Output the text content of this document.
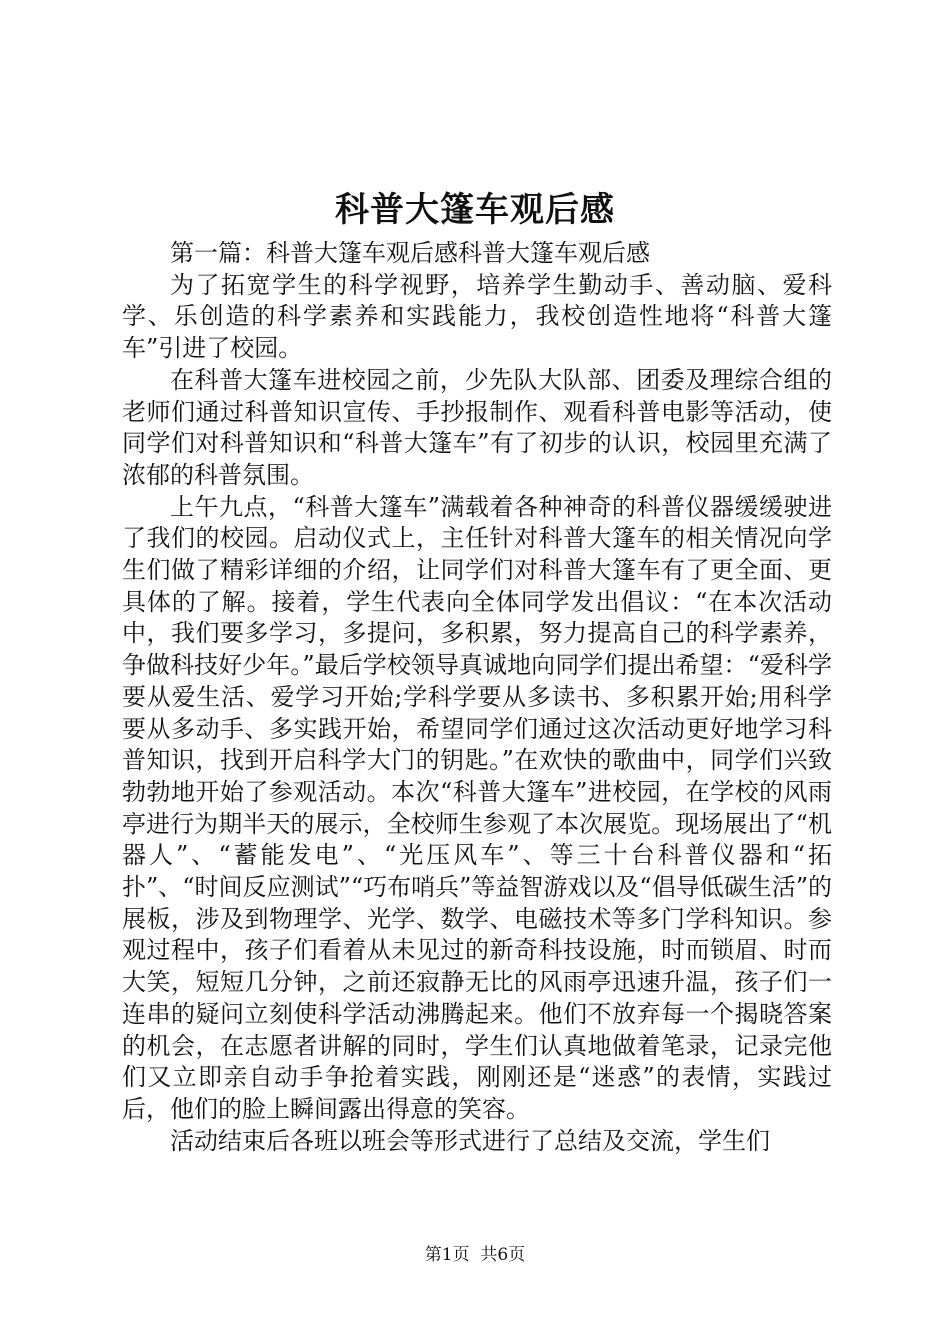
科普大篷车观后感

第一篇：科普大篷车观后感科普大篷车观后感

为了拓宽学生的科学视野，培养学生勤动手、善动脑、爱科学、乐创造的科学素养和实践能力，我校创造性地将“科普大篷车”引进了校园。

在科普大篷车进校园之前，少先队大队部、团委及理综合组的老师们通过科普知识宣传、手抄报制作、观看科普电影等活动，使同学们对科普知识和“科普大篷车”有了初步的认识，校园里充满了浓郁的科普氛围。

上午九点，“科普大篷车”满载着各种神奇的科普仪器缓缓驶进了我们的校园。启动仪式上，主任针对科普大篷车的相关情况向学生们做了精彩详细的介绍，让同学们对科普大篷车有了更全面、更具体的了解。接着，学生代表向全体同学发出倡议：“在本次活动中，我们要多学习，多提问，多积累，努力提高自己的科学素养，争做科技好少年。”最后学校领导真诚地向同学们提出希望：“爱科学要从爱生活、爱学习开始;学科学要从多读书、多积累开始;用科学要从多动手、多实践开始，希望同学们通过这次活动更好地学习科普知识，找到开启科学大门的钥匙。”在欢快的歌曲中，同学们兴致勃勃地开始了参观活动。本次“科普大篷车”进校园，在学校的风雨亭进行为期半天的展示，全校师生参观了本次展览。现场展出了“机器人”、“蓄能发电”、“光压风车”、等三十台科普仪器和“拓扑”、“时间反应测试”“巧布哨兵”等益智游戏以及“倡导低碳生活”的展板，涉及到物理学、光学、数学、电磁技术等多门学科知识。参观过程中，孩子们看着从未见过的新奇科技设施，时而锁眉、时而大笑，短短几分钟，之前还寂静无比的风雨亭迅速升温，孩子们一连串的疑问立刻使科学活动沸腾起来。他们不放弃每一个揭晓答案的机会，在志愿者讲解的同时，学生们认真地做着笔录，记录完他们又立即亲自动手争抢着实践，刚刚还是“迷惑”的表情，实践过后，他们的脸上瞬间露出得意的笑容。

活动结束后各班以班会等形式进行了总结及交流，学生们

第1页 共6页
